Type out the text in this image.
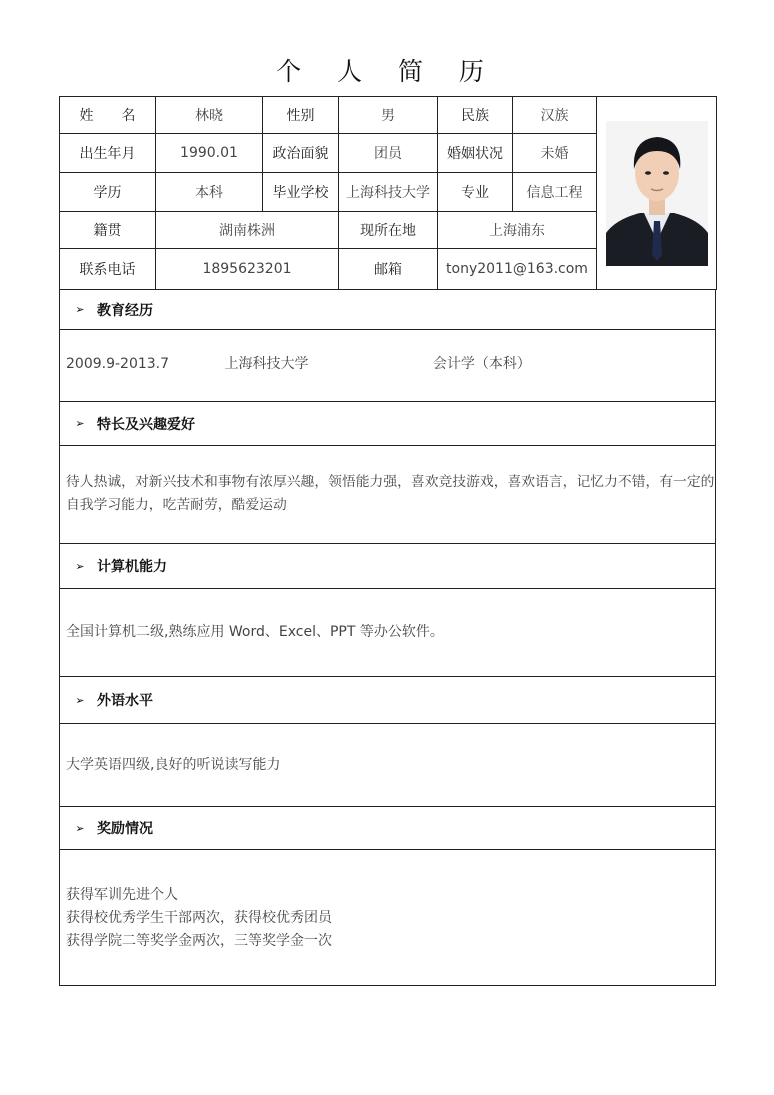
个 人 简 历
姓　　名	林晓	性别	男	民族	汉族	

出生年月	1990.01	政治面貌	团员	婚姻状况	未婚	
学历	本科	毕业学校	上海科技大学	专业	信息工程	
籍贯	湖南株洲		现所在地	上海浦东		
联系电话	1895623201		邮箱	tony2011@163.com		
➢ 教育经历
2009.9-2013.7	上海科技大学	会计学（本科）
➢ 特长及兴趣爱好
待人热诚，对新兴技术和事物有浓厚兴趣，领悟能力强，喜欢竞技游戏，喜欢语言，记忆力不错，有一定的
自我学习能力，吃苦耐劳，酷爱运动
➢ 计算机能力
全国计算机二级,熟练应用 Word、Excel、PPT 等办公软件。
➢ 外语水平
大学英语四级,良好的听说读写能力
➢ 奖励情况
获得军训先进个人
获得校优秀学生干部两次，获得校优秀团员
获得学院二等奖学金两次，三等奖学金一次
